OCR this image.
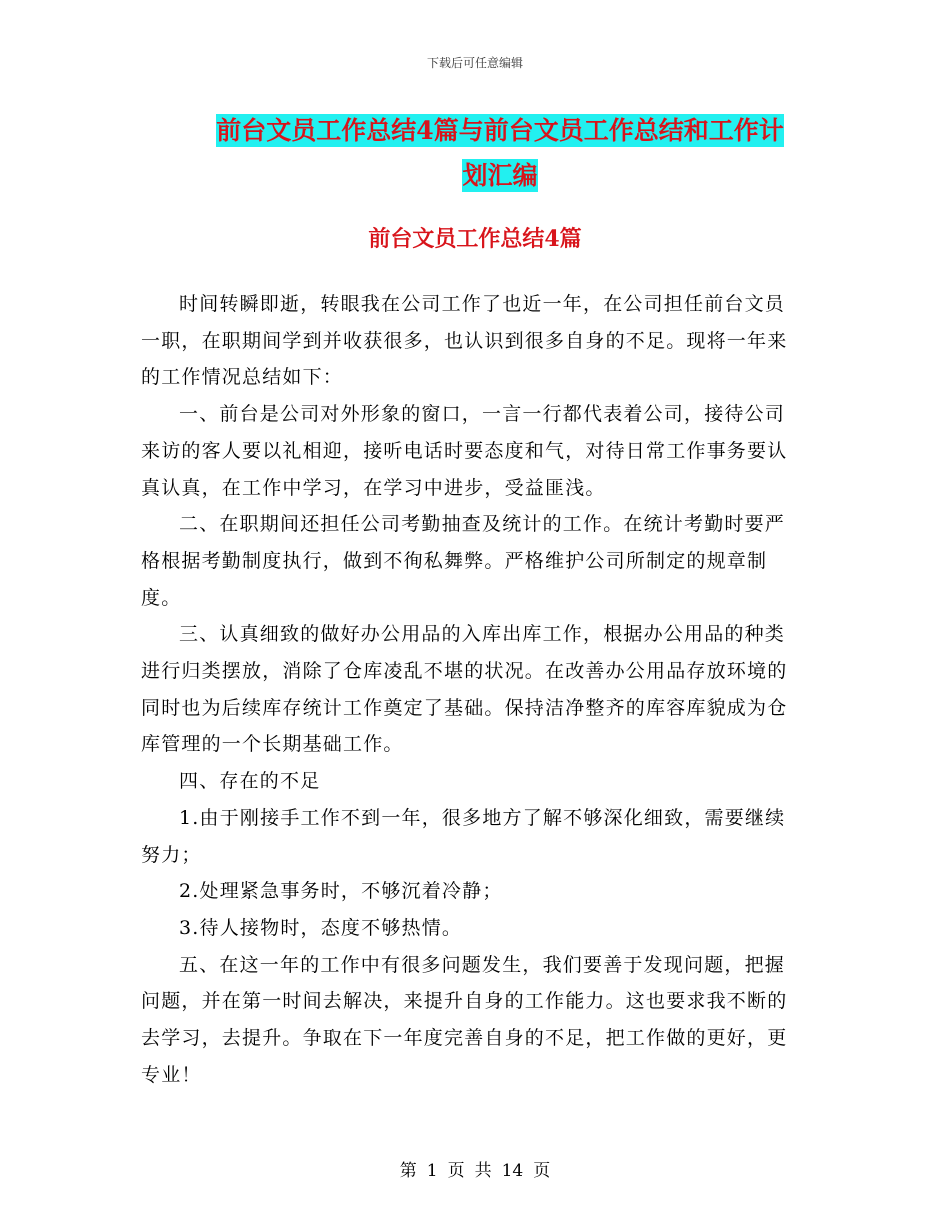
下载后可任意编辑
前台文员工作总结4篇与前台文员工作总结和工作计
划汇编
前台文员工作总结4篇

时间转瞬即逝，转眼我在公司工作了也近一年，在公司担任前台文员一职，在职期间学到并收获很多，也认识到很多自身的不足。现将一年来的工作情况总结如下：

一、前台是公司对外形象的窗口，一言一行都代表着公司，接待公司来访的客人要以礼相迎，接听电话时要态度和气，对待日常工作事务要认真认真，在工作中学习，在学习中进步，受益匪浅。

二、在职期间还担任公司考勤抽查及统计的工作。在统计考勤时要严格根据考勤制度执行，做到不徇私舞弊。严格维护公司所制定的规章制度。

三、认真细致的做好办公用品的入库出库工作，根据办公用品的种类进行归类摆放，消除了仓库凌乱不堪的状况。在改善办公用品存放环境的同时也为后续库存统计工作奠定了基础。保持洁净整齐的库容库貌成为仓库管理的一个长期基础工作。

四、存在的不足

1.由于刚接手工作不到一年，很多地方了解不够深化细致，需要继续努力；

2.处理紧急事务时，不够沉着冷静；

3.待人接物时，态度不够热情。

五、在这一年的工作中有很多问题发生，我们要善于发现问题，把握问题，并在第一时间去解决，来提升自身的工作能力。这也要求我不断的去学习，去提升。争取在下一年度完善自身的不足，把工作做的更好，更专业！

第 1 页 共 14 页
